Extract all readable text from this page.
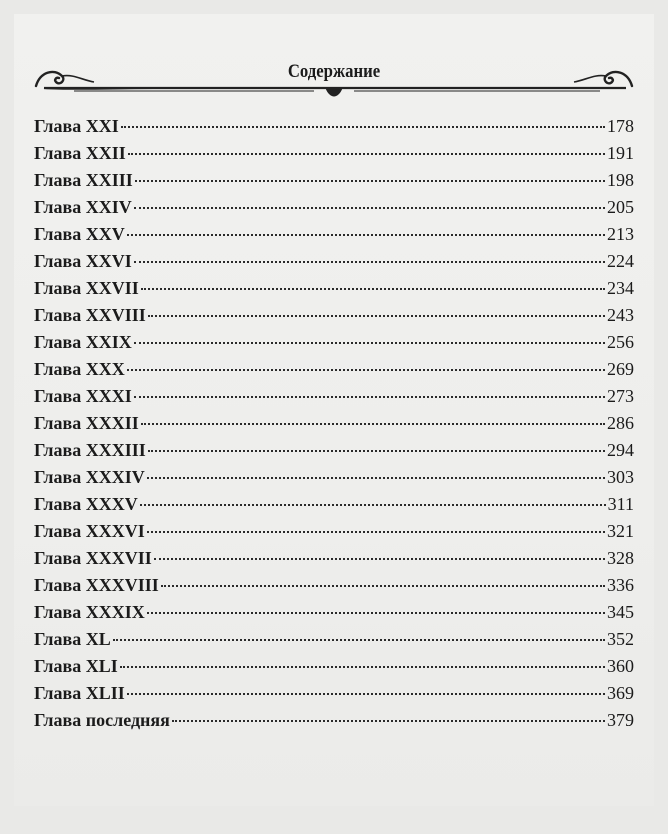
Содержание
Глава XXI	178
Глава XXII	191
Глава XXIII	198
Глава XXIV	205
Глава XXV	213
Глава XXVI	224
Глава XXVII	234
Глава XXVIII	243
Глава XXIX	256
Глава XXX	269
Глава XXXI	273
Глава XXXII	286
Глава XXXIII	294
Глава XXXIV	303
Глава XXXV	311
Глава XXXVI	321
Глава XXXVII	328
Глава XXXVIII	336
Глава XXXIX	345
Глава XL	352
Глава XLI	360
Глава XLII	369
Глава последняя	379
